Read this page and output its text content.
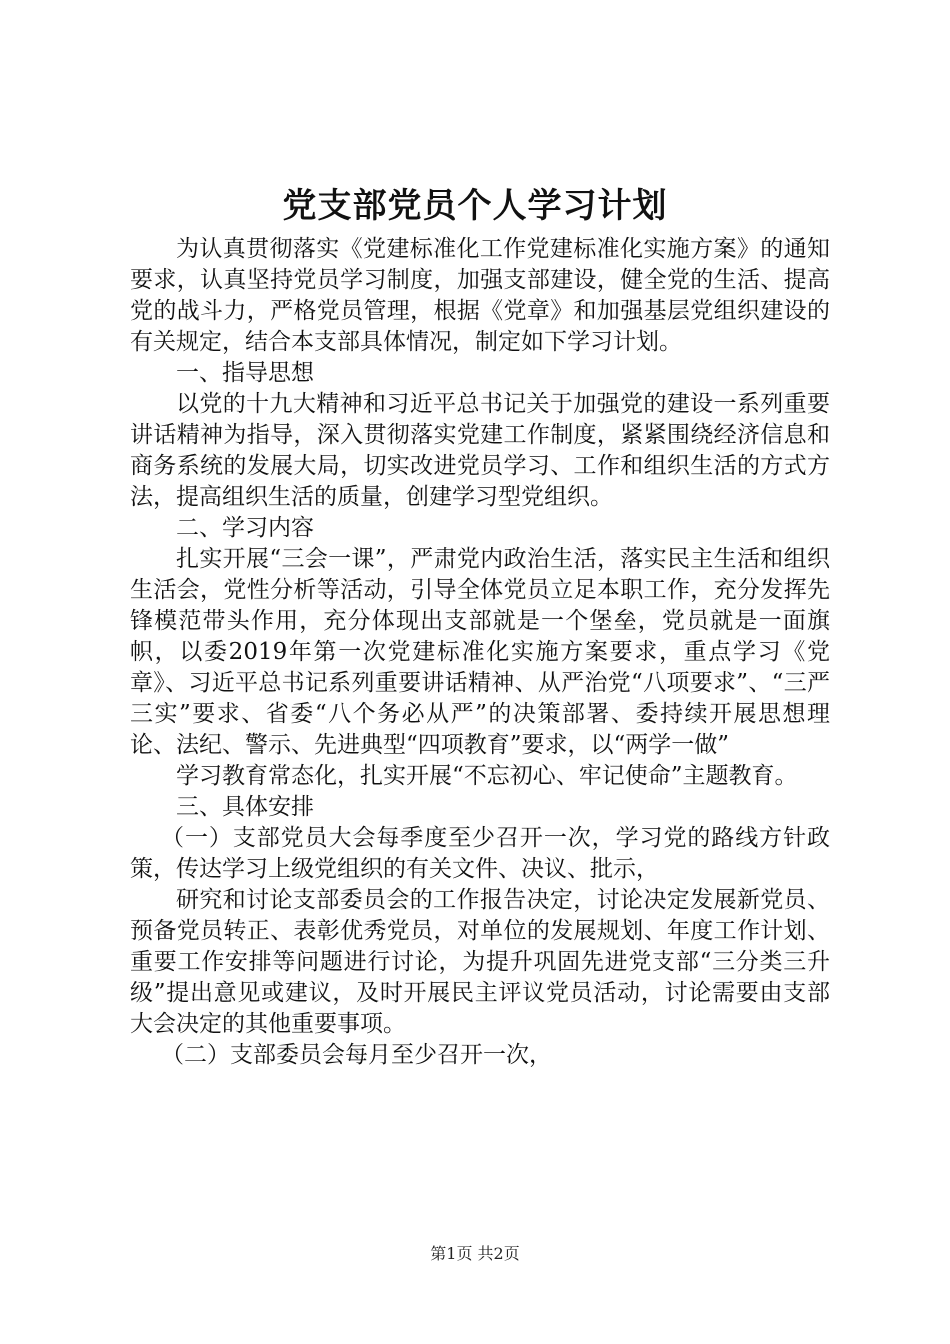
党支部党员个人学习计划

为认真贯彻落实《党建标准化工作党建标准化实施方案》的通知要求，认真坚持党员学习制度，加强支部建设，健全党的生活、提高党的战斗力，严格党员管理，根据《党章》和加强基层党组织建设的有关规定，结合本支部具体情况，制定如下学习计划。

一、指导思想

以党的十九大精神和习近平总书记关于加强党的建设一系列重要讲话精神为指导，深入贯彻落实党建工作制度，紧紧围绕经济信息和商务系统的发展大局，切实改进党员学习、工作和组织生活的方式方法，提高组织生活的质量，创建学习型党组织。

二、学习内容

扎实开展“三会一课”，严肃党内政治生活，落实民主生活和组织生活会，党性分析等活动，引导全体党员立足本职工作，充分发挥先锋模范带头作用，充分体现出支部就是一个堡垒，党员就是一面旗帜，以委2019年第一次党建标准化实施方案要求，重点学习《党章》、习近平总书记系列重要讲话精神、从严治党“八项要求”、“三严三实”要求、省委“八个务必从严”的决策部署、委持续开展思想理论、法纪、警示、先进典型“四项教育”要求，以“两学一做”

学习教育常态化，扎实开展“不忘初心、牢记使命”主题教育。

三、具体安排

（一）支部党员大会每季度至少召开一次，学习党的路线方针政策，传达学习上级党组织的有关文件、决议、批示，

研究和讨论支部委员会的工作报告决定，讨论决定发展新党员、预备党员转正、表彰优秀党员，对单位的发展规划、年度工作计划、重要工作安排等问题进行讨论，为提升巩固先进党支部“三分类三升级”提出意见或建议，及时开展民主评议党员活动，讨论需要由支部大会决定的其他重要事项。

（二）支部委员会每月至少召开一次，

第1页 共2页
